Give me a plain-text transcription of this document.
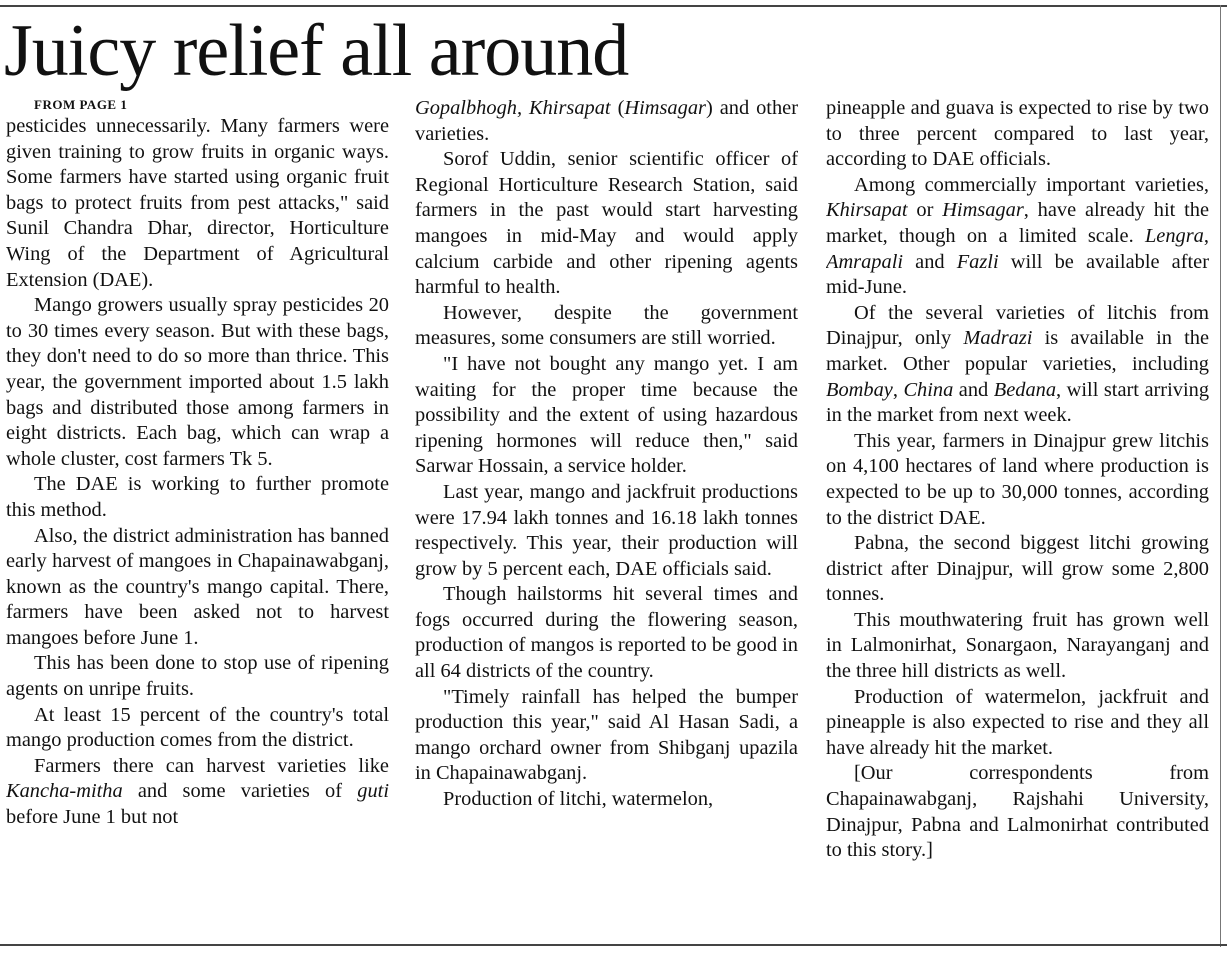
Juicy relief all around

FROM PAGE 1

pesticides unnecessarily. Many farmers were given training to grow fruits in organic ways. Some farmers have started using organic fruit bags to protect fruits from pest attacks," said Sunil Chandra Dhar, director, Horticulture Wing of the Department of Agricultural Extension (DAE).

Mango growers usually spray pesticides 20 to 30 times every season. But with these bags, they don't need to do so more than thrice. This year, the government imported about 1.5 lakh bags and distributed those among farmers in eight districts. Each bag, which can wrap a whole cluster, cost farmers Tk 5.

The DAE is working to further promote this method.

Also, the district administration has banned early harvest of mangoes in Chapainawabganj, known as the country's mango capital. There, farmers have been asked not to harvest mangoes before June 1.

This has been done to stop use of ripening agents on unripe fruits.

At least 15 percent of the country's total mango production comes from the district.

Farmers there can harvest varieties like Kancha-mitha and some varieties of guti before June 1 but not

Gopalbhogh, Khirsapat (Himsagar) and other varieties.

Sorof Uddin, senior scientific officer of Regional Horticulture Research Station, said farmers in the past would start harvesting mangoes in mid-May and would apply calcium carbide and other ripening agents harmful to health.

However, despite the government measures, some consumers are still worried.

"I have not bought any mango yet. I am waiting for the proper time because the possibility and the extent of using hazardous ripening hormones will reduce then," said Sarwar Hossain, a service holder.

Last year, mango and jackfruit productions were 17.94 lakh tonnes and 16.18 lakh tonnes respectively. This year, their production will grow by 5 percent each, DAE officials said.

Though hailstorms hit several times and fogs occurred during the flowering season, production of mangos is reported to be good in all 64 districts of the country.

"Timely rainfall has helped the bumper production this year," said Al Hasan Sadi, a mango orchard owner from Shibganj upazila in Chapainawabganj.

Production of litchi, watermelon,

pineapple and guava is expected to rise by two to three percent compared to last year, according to DAE officials.

Among commercially important varieties, Khirsapat or Himsagar, have already hit the market, though on a limited scale. Lengra, Amrapali and Fazli will be available after mid-June.

Of the several varieties of litchis from Dinajpur, only Madrazi is available in the market. Other popular varieties, including Bombay, China and Bedana, will start arriving in the market from next week.

This year, farmers in Dinajpur grew litchis on 4,100 hectares of land where production is expected to be up to 30,000 tonnes, according to the district DAE.

Pabna, the second biggest litchi growing district after Dinajpur, will grow some 2,800 tonnes.

This mouthwatering fruit has grown well in Lalmonirhat, Sonargaon, Narayanganj and the three hill districts as well.

Production of watermelon, jackfruit and pineapple is also expected to rise and they all have already hit the market.

[Our correspondents from Chapainawabganj, Rajshahi University, Dinajpur, Pabna and Lalmonirhat contributed to this story.]
